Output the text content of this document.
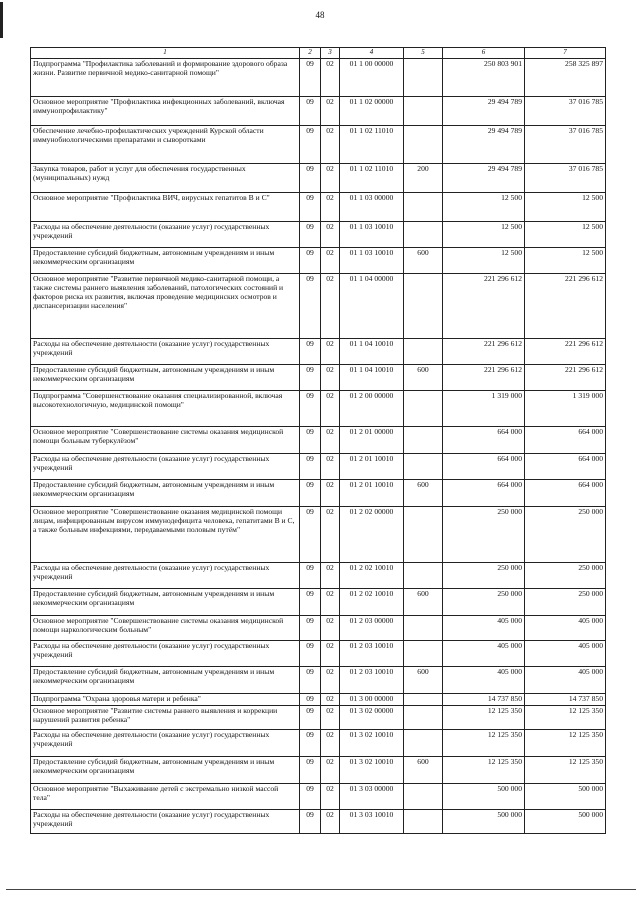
48
1	2	3	4	5	6	7
Подпрограмма "Профилактика заболеваний и формирование здорового образа жизни. Развитие первичной медико-санитарной помощи"	09	02	01 1 00 00000		250 803 901	258 325 897
Основное мероприятие "Профилактика инфекционных заболеваний, включая иммунопрофилактику"	09	02	01 1 02 00000		29 494 789	37 016 785
Обеспечение лечебно-профилактических учреждений Курской области иммунобиологическими препаратами и сыворотками	09	02	01 1 02 11010		29 494 789	37 016 785
Закупка товаров, работ и услуг для обеспечения государственных (муниципальных) нужд	09	02	01 1 02 11010	200	29 494 789	37 016 785
Основное мероприятие "Профилактика ВИЧ, вирусных гепатитов В и С"	09	02	01 1 03 00000		12 500	12 500
Расходы на обеспечение деятельности (оказание услуг) государственных учреждений	09	02	01 1 03 10010		12 500	12 500
Предоставление субсидий бюджетным, автономным учреждениям и иным некоммерческим организациям	09	02	01 1 03 10010	600	12 500	12 500
Основное мероприятие "Развитие первичной медико-санитарной помощи, а также системы раннего выявления заболеваний, патологических состояний и факторов риска их развития, включая проведение медицинских осмотров и диспансеризации населения"	09	02	01 1 04 00000		221 296 612	221 296 612
Расходы на обеспечение деятельности (оказание услуг) государственных учреждений	09	02	01 1 04 10010		221 296 612	221 296 612
Предоставление субсидий бюджетным, автономным учреждениям и иным некоммерческим организациям	09	02	01 1 04 10010	600	221 296 612	221 296 612
Подпрограмма "Совершенствование оказания специализированной, включая высокотехнологичную, медицинской помощи"	09	02	01 2 00 00000		1 319 000	1 319 000
Основное мероприятие "Совершенствование системы оказания медицинской помощи больным туберкулёзом"	09	02	01 2 01 00000		664 000	664 000
Расходы на обеспечение деятельности (оказание услуг) государственных учреждений	09	02	01 2 01 10010		664 000	664 000
Предоставление субсидий бюджетным, автономным учреждениям и иным некоммерческим организациям	09	02	01 2 01 10010	600	664 000	664 000
Основное мероприятие "Совершенствование оказания медицинской помощи лицам, инфицированным вирусом иммунодефицита человека, гепатитами В и С, а также больным инфекциями, передаваемыми половым путём"	09	02	01 2 02 00000		250 000	250 000
Расходы на обеспечение деятельности (оказание услуг) государственных учреждений	09	02	01 2 02 10010		250 000	250 000
Предоставление субсидий бюджетным, автономным учреждениям и иным некоммерческим организациям	09	02	01 2 02 10010	600	250 000	250 000
Основное мероприятие "Совершенствование системы оказания медицинской помощи наркологическим больным"	09	02	01 2 03 00000		405 000	405 000
Расходы на обеспечение деятельности (оказание услуг) государственных учреждений	09	02	01 2 03 10010		405 000	405 000
Предоставление субсидий бюджетным, автономным учреждениям и иным некоммерческим организациям	09	02	01 2 03 10010	600	405 000	405 000
Подпрограмма "Охрана здоровья матери и ребенка"	09	02	01 3 00 00000		14 737 850	14 737 850
Основное мероприятие "Развитие системы раннего выявления и коррекции нарушений развития ребенка"	09	02	01 3 02 00000		12 125 350	12 125 350
Расходы на обеспечение деятельности (оказание услуг) государственных учреждений	09	02	01 3 02 10010		12 125 350	12 125 350
Предоставление субсидий бюджетным, автономным учреждениям и иным некоммерческим организациям	09	02	01 3 02 10010	600	12 125 350	12 125 350
Основное мероприятие "Выхаживание детей с экстремально низкой массой тела"	09	02	01 3 03 00000		500 000	500 000
Расходы на обеспечение деятельности (оказание услуг) государственных учреждений	09	02	01 3 03 10010		500 000	500 000
